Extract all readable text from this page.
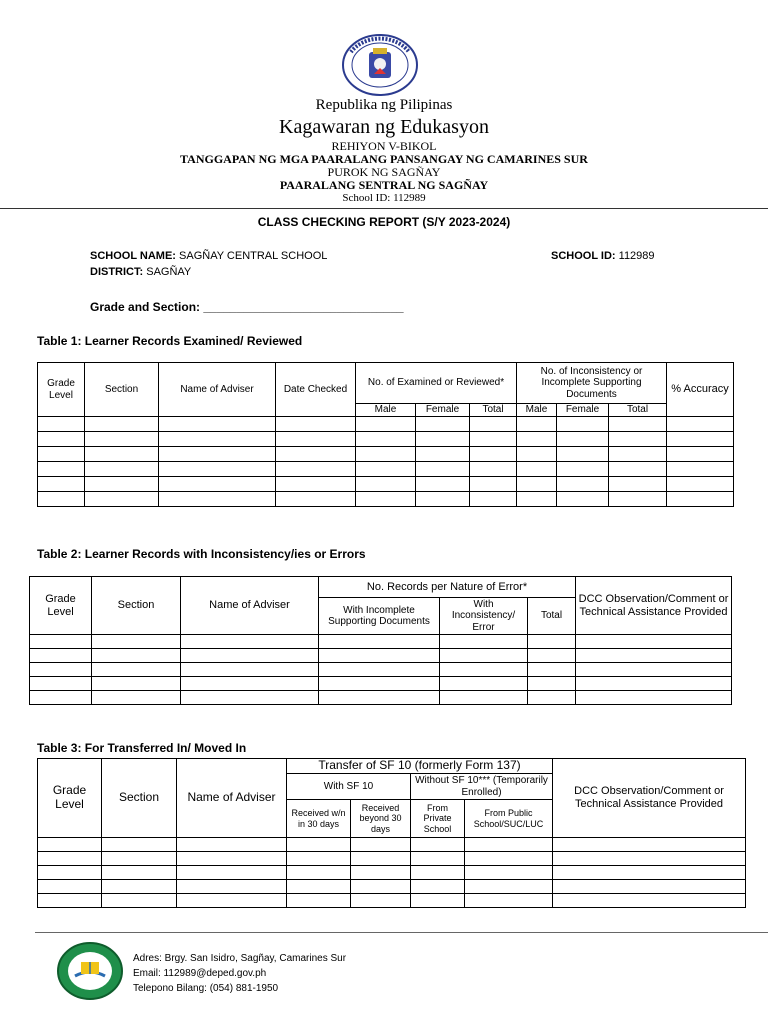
Republika ng Pilipinas
Kagawaran ng Edukasyon
REHIYON V-BIKOL
TANGGAPAN NG MGA PAARALANG PANSANGAY NG CAMARINES SUR
PUROK NG SAGÑAY
PAARALANG SENTRAL NG SAGÑAY
School ID: 112989
CLASS CHECKING REPORT (S/Y 2023-2024)
SCHOOL NAME: SAGÑAY CENTRAL SCHOOL	SCHOOL ID: 112989
DISTRICT: SAGÑAY
Grade and Section: ______________________________
Table 1: Learner Records Examined/ Reviewed
Grade Level	Section	Name of Adviser	Date Checked	No. of Examined or Reviewed*			No. of Inconsistency or Incomplete Supporting Documents			% Accuracy
				Male	Female	Total	Male	Female	Total	

Table 2: Learner Records with Inconsistency/ies or Errors
Grade Level	Section	Name of Adviser	No. Records per Nature of Error*			DCC Observation/Comment or Technical Assistance Provided
			With Incomplete Supporting Documents	With Inconsistency/ Error	Total	

Table 3: For Transferred In/ Moved In
Grade Level	Section	Name of Adviser	Transfer of SF 10 (formerly Form 137)				DCC Observation/Comment or Technical Assistance Provided
			With SF 10		Without SF 10*** (Temporarily Enrolled)		
			Received w/n in 30 days	Received beyond 30 days	From Private School	From Public School/SUC/LUC	

Adres: Brgy. San Isidro, Sagñay, Camarines Sur
Email: 112989@deped.gov.ph
Telepono Bilang: (054) 881-1950
